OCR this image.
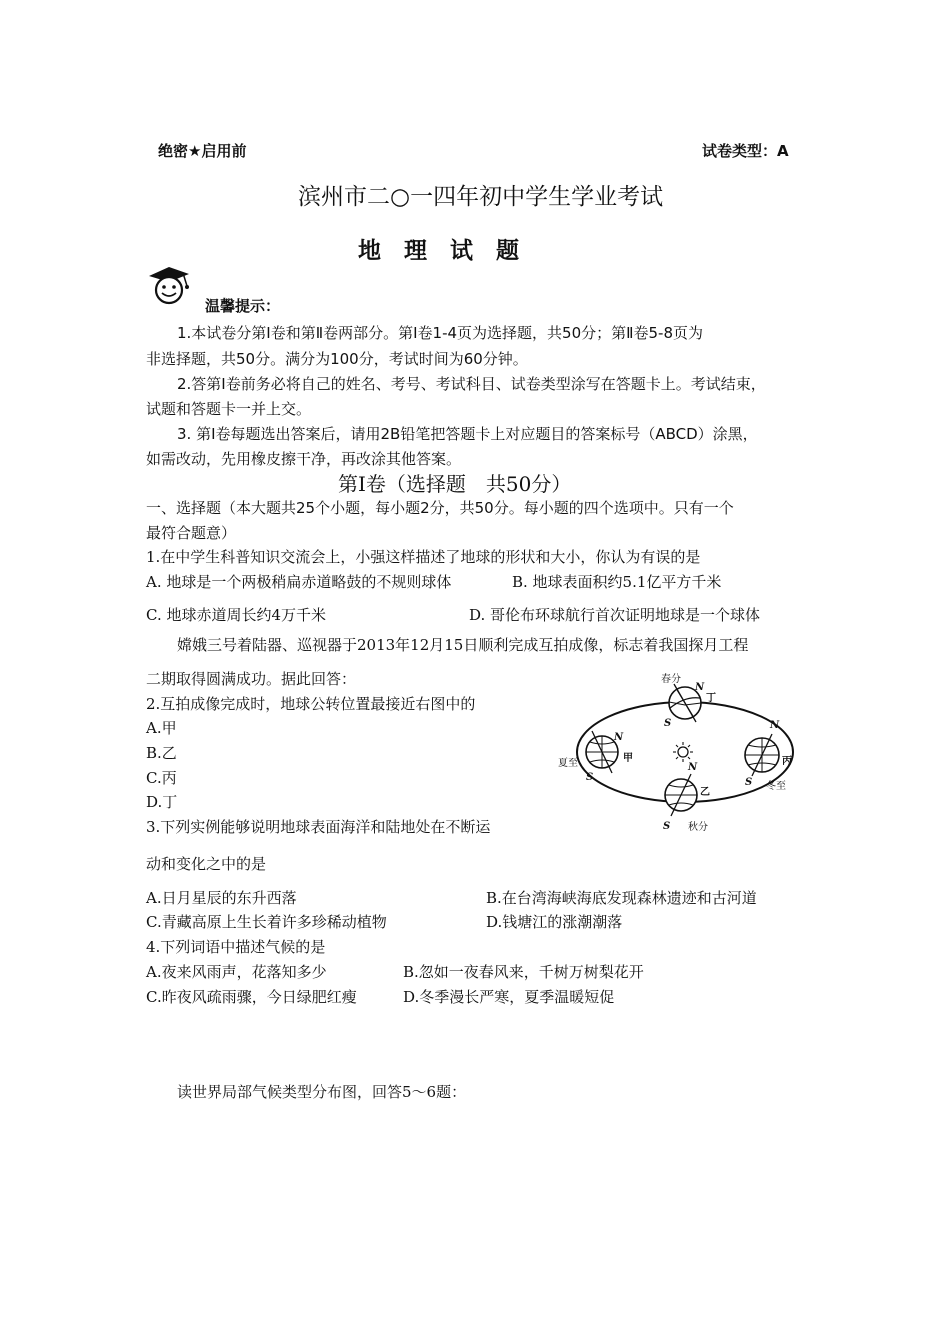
绝密★启用前	试卷类型：A
滨州市二○一四年初中学生学业考试
地　理　试　题
温馨提示：
1.本试卷分第Ⅰ卷和第Ⅱ卷两部分。第Ⅰ卷1-4页为选择题，共50分；第Ⅱ卷5-8页为
非选择题，共50分。满分为100分，考试时间为60分钟。
2.答第Ⅰ卷前务必将自己的姓名、考号、考试科目、试卷类型涂写在答题卡上。考试结束，
试题和答题卡一并上交。
3. 第Ⅰ卷每题选出答案后，请用2B铅笔把答题卡上对应题目的答案标号（ABCD）涂黑，
如需改动，先用橡皮擦干净，再改涂其他答案。
第Ⅰ卷（选择题　共50分）
一、选择题（本大题共25个小题，每小题2分，共50分。每小题的四个选项中。只有一个
最符合题意）
1.在中学生科普知识交流会上，小强这样描述了地球的形状和大小，你认为有误的是
A. 地球是一个两极稍扁赤道略鼓的不规则球体	B. 地球表面积约5.1亿平方千米
C. 地球赤道周长约4万千米	D. 哥伦布环球航行首次证明地球是一个球体
嫦娥三号着陆器、巡视器于2013年12月15日顺利完成互拍成像，标志着我国探月工程
二期取得圆满成功。据此回答：
2.互拍成像完成时，地球公转位置最接近右图中的
A.甲
B.乙
C.丙
D.丁
3.下列实例能够说明地球表面海洋和陆地处在不断运
动和变化之中的是
A.日月星辰的东升西落	B.在台湾海峡海底发现森林遗迹和古河道
C.青藏高原上生长着许多珍稀动植物	D.钱塘江的涨潮潮落
4.下列词语中描述气候的是
A.夜来风雨声，花落知多少	B.忽如一夜春风来，千树万树梨花开
C.昨夜风疏雨骤，今日绿肥红瘦	D.冬季漫长严寒，夏季温暖短促
读世界局部气候类型分布图，回答5～6题：
春分
夏至
秋分
冬至
甲
乙
丙
丁
N
S
N
S
N
S
N
S
